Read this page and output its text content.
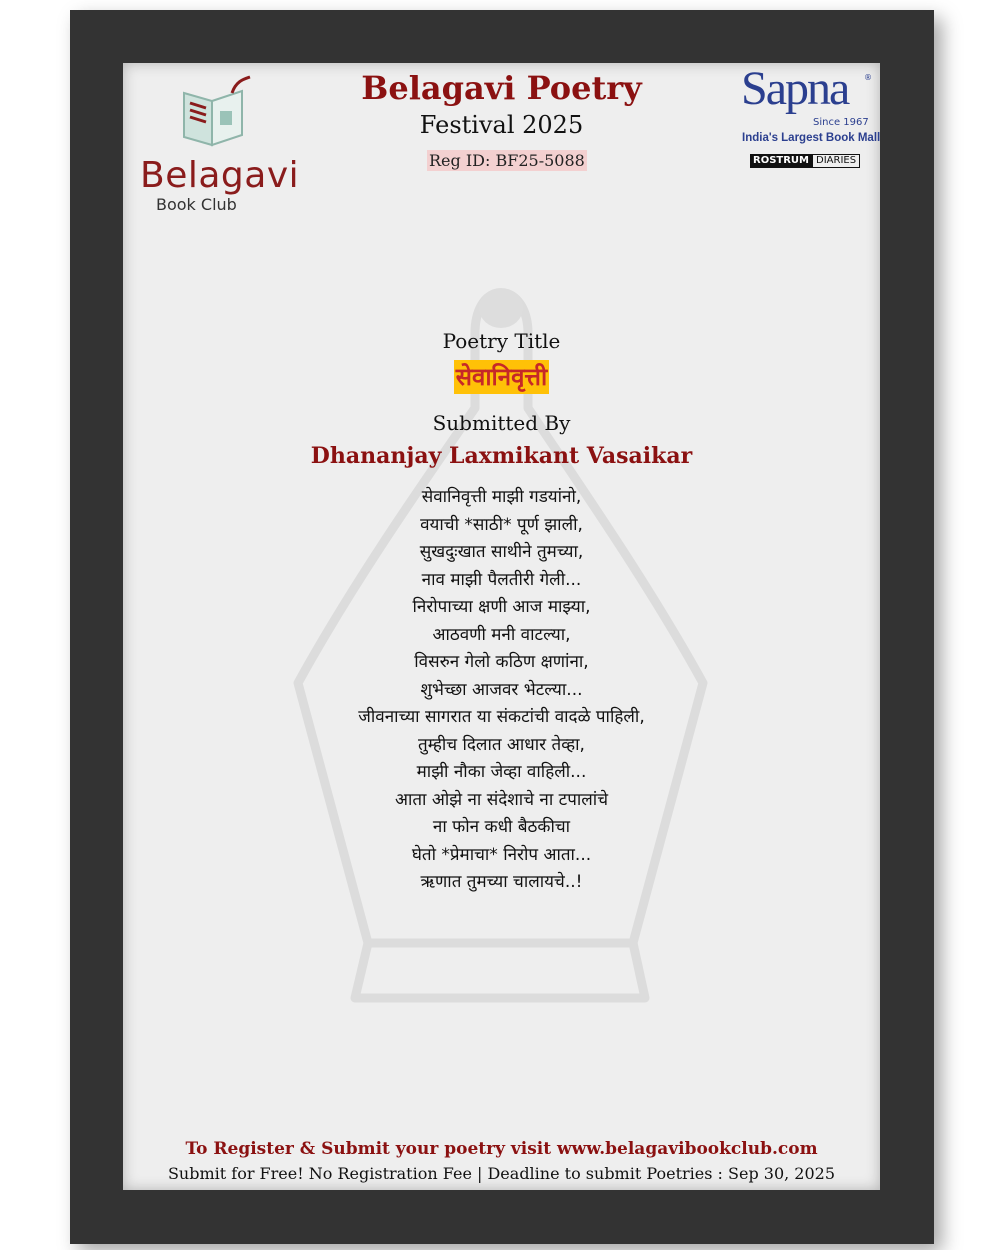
Belagavi
Book Club
Belagavi Poetry
Festival 2025
Reg ID: BF25-5088
Sapna ®
Since 1967
India's Largest Book Mall
ROSTRUM DIARIES
Poetry Title
सेवानिवृत्ती
Submitted By
Dhananjay Laxmikant Vasaikar
सेवानिवृत्ती माझी गडयांनो,
वयाची *साठी* पूर्ण झाली,
सुखदुःखात साथीने तुमच्या,
नाव माझी पैलतीरी गेली...
निरोपाच्या क्षणी आज माझ्या,
आठवणी मनी वाटल्या,
विसरुन गेलो कठिण क्षणांना,
शुभेच्छा आजवर भेटल्या...
जीवनाच्या सागरात या संकटांची वादळे पाहिली,
तुम्हीच दिलात आधार तेव्हा,
माझी नौका जेव्हा वाहिली...
आता ओझे ना संदेशाचे ना टपालांचे
ना फोन कधी बैठकीचा
घेतो *प्रेमाचा* निरोप आता...
ऋणात तुमच्या चालायचे..!
To Register & Submit your poetry visit www.belagavibookclub.com
Submit for Free! No Registration Fee | Deadline to submit Poetries : Sep 30, 2025
